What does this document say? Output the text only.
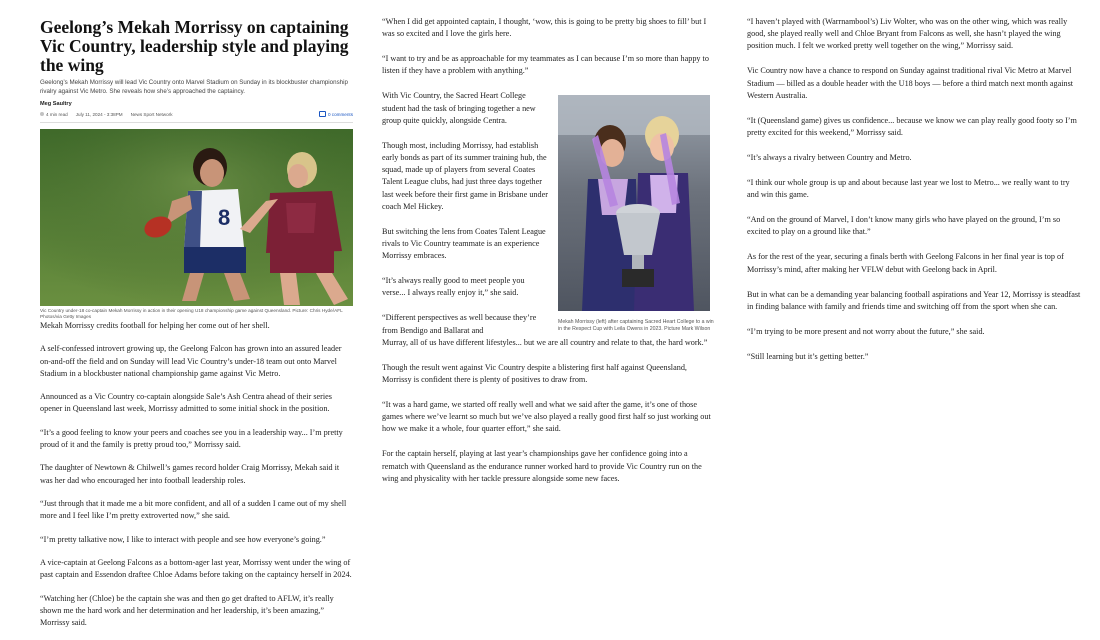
Geelong’s Mekah Morrissy on captaining Vic Country, leadership style and playing the wing

Geelong’s Mekah Morrissy will lead Vic Country onto Marvel Stadium on Sunday in its blockbuster championship rivalry against Vic Metro. She reveals how she’s approached the captaincy.

Meg Saultry
4 min read July 11, 2024 - 3:38PM News Sport Network	0 comments
8

Vic Country under-18 co-captain Mekah Morrissy in action in their opening U18 championship game against Queensland. Picture: Chris Hyde/AFL Photos/via Getty Images

Mekah Morrissy credits football for helping her come out of her shell.

A self-confessed introvert growing up, the Geelong Falcon has grown into an assured leader on-and-off the field and on Sunday will lead Vic Country’s under-18 team out onto Marvel Stadium in a blockbuster national championship game against Vic Metro.

Announced as a Vic Country co-captain alongside Sale’s Ash Centra ahead of their series opener in Queensland last week, Morrissy admitted to some initial shock in the position.

“It’s a good feeling to know your peers and coaches see you in a leadership way... I’m pretty proud of it and the family is pretty proud too,” Morrissy said.

The daughter of Newtown & Chilwell’s games record holder Craig Morrissy, Mekah said it was her dad who encouraged her into football leadership roles.

“Just through that it made me a bit more confident, and all of a sudden I came out of my shell more and I feel like I’m pretty extroverted now,” she said.

“I’m pretty talkative now, I like to interact with people and see how everyone’s going.”

A vice-captain at Geelong Falcons as a bottom-ager last year, Morrissy went under the wing of past captain and Essendon draftee Chloe Adams before taking on the captaincy herself in 2024.

“Watching her (Chloe) be the captain she was and then go get drafted to AFLW, it’s really shown me the hard work and her determination and her leadership, it’s been amazing,” Morrissy said.

“When I did get appointed captain, I thought, ‘wow, this is going to be pretty big shoes to fill’ but I was so excited and I love the girls here.

“I want to try and be as approachable for my teammates as I can because I’m so more than happy to listen if they have a problem with anything.”

With Vic Country, the Sacred Heart College student had the task of bringing together a new group quite quickly, alongside Centra.

Though most, including Morrissy, had establish early bonds as part of its summer training hub, the squad, made up of players from several Coates Talent League clubs, had just three days together last week before their first game in Brisbane under coach Mel Hickey.

But switching the lens from Coates Talent League rivals to Vic Country teammate is an experience Morrissy embraces.

“It’s always really good to meet people you verse... I always really enjoy it,” she said.

“Different perspectives as well because they’re from Bendigo and Ballarat and

Murray, all of us have different lifestyles... but we are all country and relate to that, the hard work.”

Though the result went against Vic Country despite a blistering first half against Queensland, Morrissy is confident there is plenty of positives to draw from.

“It was a hard game, we started off really well and what we said after the game, it’s one of those games where we’ve learnt so much but we’ve also played a really good first half so just working out how we make it a whole, four quarter effort,” she said.

For the captain herself, playing at last year’s championships gave her confidence going into a rematch with Queensland as the endurance runner worked hard to provide Vic Country run on the wing and physicality with her tackle pressure alongside some new faces.

Mekah Morrissy (left) after captaining Sacred Heart College to a win in the Respect Cup with Leila Owens in 2023. Picture Mark Wilson

“I haven’t played with (Warrnambool’s) Liv Wolter, who was on the other wing, which was really good, she played really well and Chloe Bryant from Falcons as well, she hasn’t played the wing position much. I felt we worked pretty well together on the wing,” Morrissy said.

Vic Country now have a chance to respond on Sunday against traditional rival Vic Metro at Marvel Stadium — billed as a double header with the U18 boys — before a third match next month against Western Australia.

“It (Queensland game) gives us confidence... because we know we can play really good footy so I’m pretty excited for this weekend,” Morrissy said.

“It’s always a rivalry between Country and Metro.

“I think our whole group is up and about because last year we lost to Metro... we really want to try and win this game.

“And on the ground of Marvel, I don’t know many girls who have played on the ground, I’m so excited to play on a ground like that.”

As for the rest of the year, securing a finals berth with Geelong Falcons in her final year is top of Morrissy’s mind, after making her VFLW debut with Geelong back in April.

But in what can be a demanding year balancing football aspirations and Year 12, Morrissy is steadfast in finding balance with family and friends time and switching off from the sport when she can.

“I’m trying to be more present and not worry about the future,” she said.

“Still learning but it’s getting better.”
